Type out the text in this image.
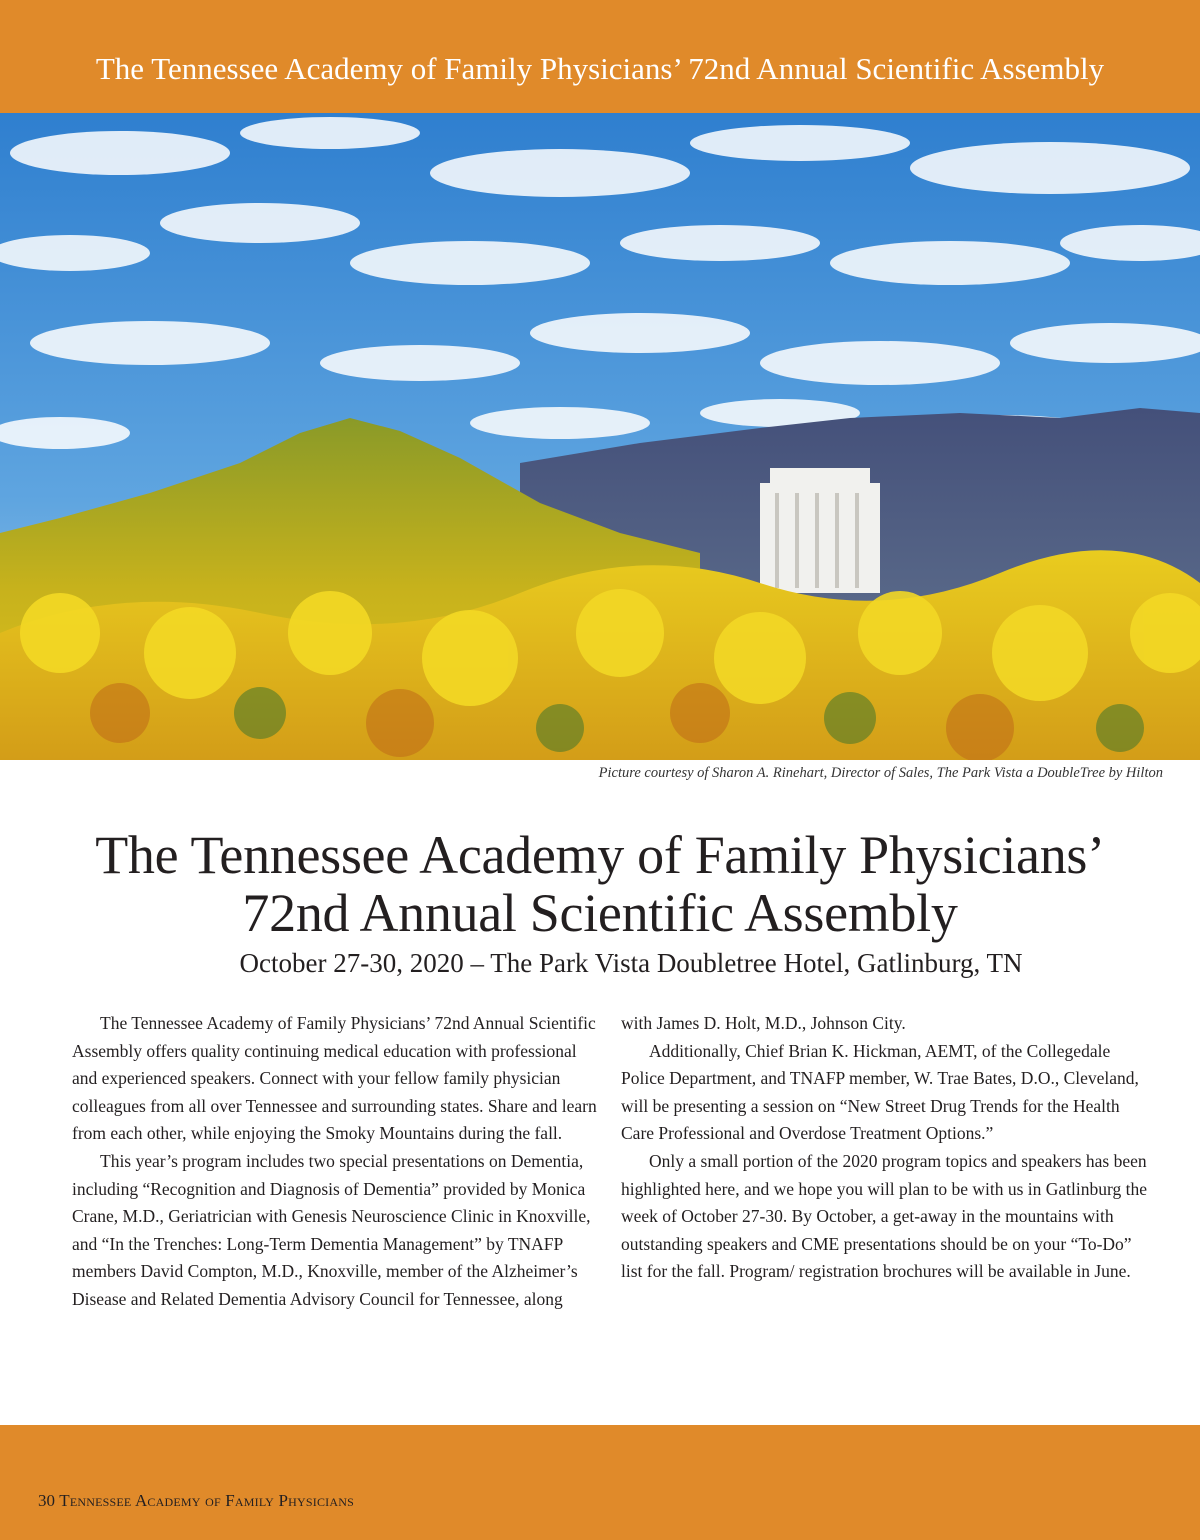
The Tennessee Academy of Family Physicians’ 72nd Annual Scientific Assembly
Picture courtesy of Sharon A. Rinehart, Director of Sales, The Park Vista a DoubleTree by Hilton
The Tennessee Academy of Family Physicians’
72nd Annual Scientific Assembly
October 27-30, 2020 – The Park Vista Doubletree Hotel, Gatlinburg, TN

The Tennessee Academy of Family Physicians’ 72nd Annual Scientific Assembly offers quality continuing medical education with professional and experienced speakers. Connect with your fellow family physician colleagues from all over Tennessee and surrounding states. Share and learn from each other, while enjoying the Smoky Mountains during the fall.

This year’s program includes two special presentations on Dementia, including “Recognition and Diagnosis of Dementia” provided by Monica Crane, M.D., Geriatrician with Genesis Neuroscience Clinic in Knoxville, and “In the Trenches: Long-Term Dementia Management” by TNAFP members David Compton, M.D., Knoxville, member of the Alzheimer’s Disease and Related Dementia Advisory Council for Tennessee, along

with James D. Holt, M.D., Johnson City.

Additionally, Chief Brian K. Hickman, AEMT, of the Collegedale Police Department, and TNAFP member, W. Trae Bates, D.O., Cleveland, will be presenting a session on “New Street Drug Trends for the Health Care Professional and Overdose Treatment Options.”

Only a small portion of the 2020 program topics and speakers has been highlighted here, and we hope you will plan to be with us in Gatlinburg the week of October 27-30. By October, a get-away in the mountains with outstanding speakers and CME presentations should be on your “To-Do” list for the fall. Program/ registration brochures will be available in June.

30 Tennessee Academy of Family Physicians
